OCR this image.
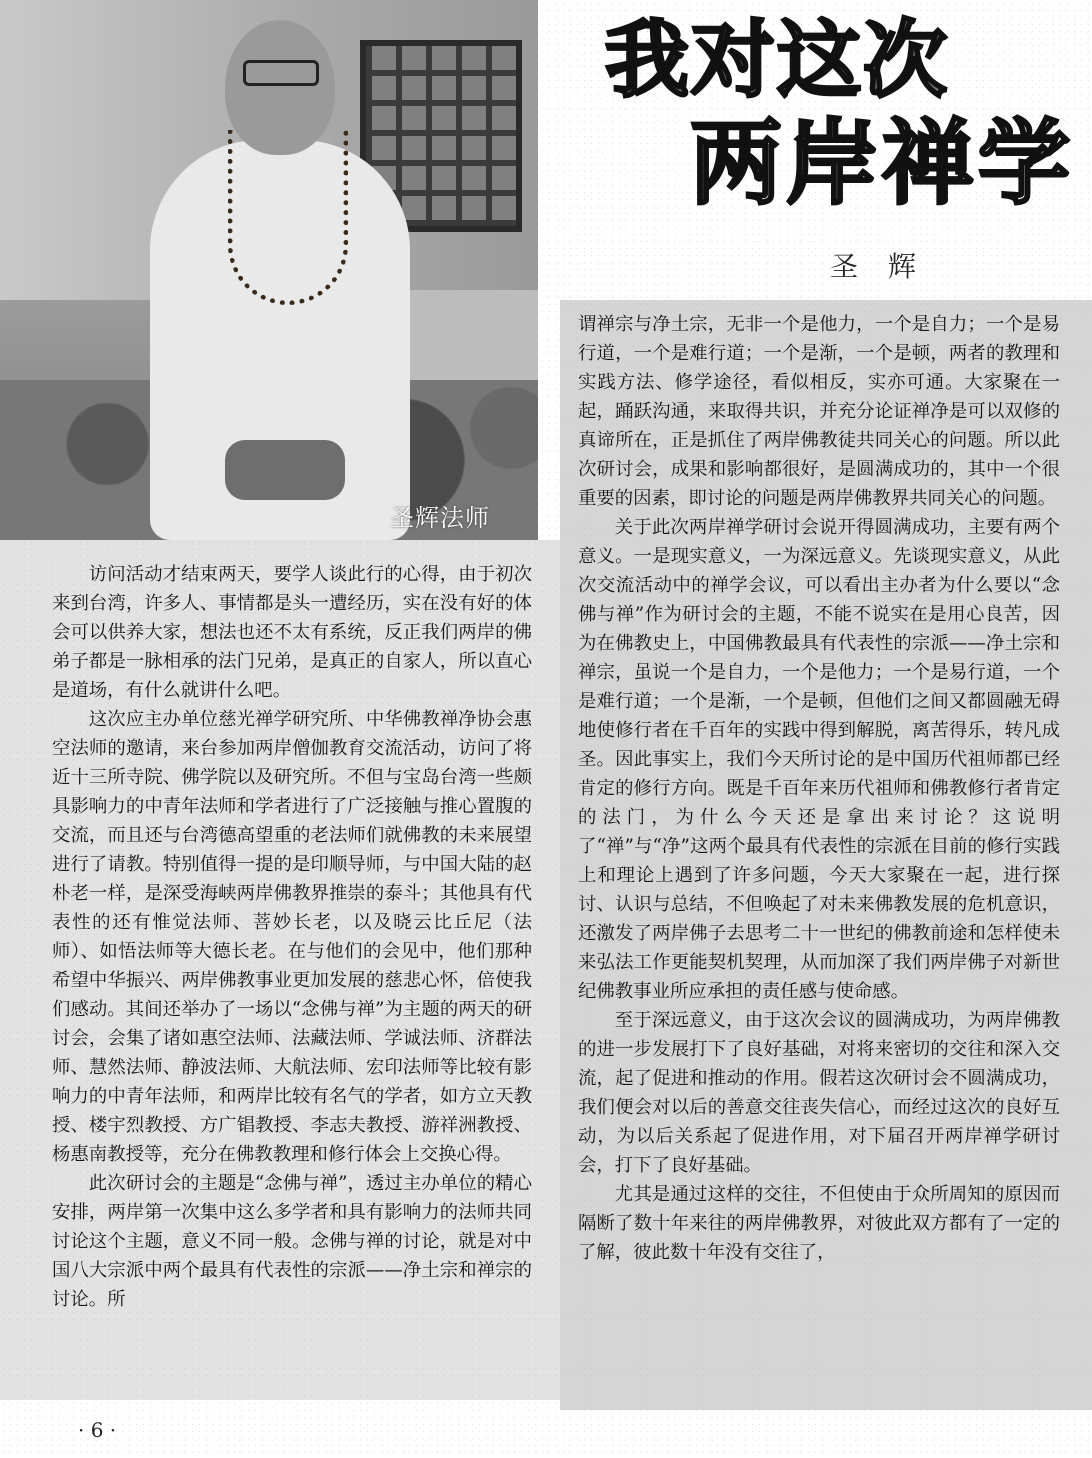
圣辉法师
我对这次
两岸禅学
圣辉

访问活动才结束两天，要学人谈此行的心得，由于初次来到台湾，许多人、事情都是头一遭经历，实在没有好的体会可以供养大家，想法也还不太有系统，反正我们两岸的佛弟子都是一脉相承的法门兄弟，是真正的自家人，所以直心是道场，有什么就讲什么吧。

这次应主办单位慈光禅学研究所、中华佛教禅净协会惠空法师的邀请，来台参加两岸僧伽教育交流活动，访问了将近十三所寺院、佛学院以及研究所。不但与宝岛台湾一些颇具影响力的中青年法师和学者进行了广泛接触与推心置腹的交流，而且还与台湾德高望重的老法师们就佛教的未来展望进行了请教。特别值得一提的是印顺导师，与中国大陆的赵朴老一样，是深受海峡两岸佛教界推崇的泰斗；其他具有代表性的还有惟觉法师、菩妙长老，以及晓云比丘尼（法师）、如悟法师等大德长老。在与他们的会见中，他们那种希望中华振兴、两岸佛教事业更加发展的慈悲心怀，倍使我们感动。其间还举办了一场以“念佛与禅”为主题的两天的研讨会，会集了诸如惠空法师、法藏法师、学诚法师、济群法师、慧然法师、静波法师、大航法师、宏印法师等比较有影响力的中青年法师，和两岸比较有名气的学者，如方立天教授、楼宇烈教授、方广锠教授、李志夫教授、游祥洲教授、杨惠南教授等，充分在佛教教理和修行体会上交换心得。

此次研讨会的主题是“念佛与禅”，透过主办单位的精心安排，两岸第一次集中这么多学者和具有影响力的法师共同讨论这个主题，意义不同一般。念佛与禅的讨论，就是对中国八大宗派中两个最具有代表性的宗派——净土宗和禅宗的讨论。所

谓禅宗与净土宗，无非一个是他力，一个是自力；一个是易行道，一个是难行道；一个是渐，一个是顿，两者的教理和实践方法、修学途径，看似相反，实亦可通。大家聚在一起，踊跃沟通，来取得共识，并充分论证禅净是可以双修的真谛所在，正是抓住了两岸佛教徒共同关心的问题。所以此次研讨会，成果和影响都很好，是圆满成功的，其中一个很重要的因素，即讨论的问题是两岸佛教界共同关心的问题。

关于此次两岸禅学研讨会说开得圆满成功，主要有两个意义。一是现实意义，一为深远意义。先谈现实意义，从此次交流活动中的禅学会议，可以看出主办者为什么要以“念佛与禅”作为研讨会的主题，不能不说实在是用心良苦，因为在佛教史上，中国佛教最具有代表性的宗派——净土宗和禅宗，虽说一个是自力，一个是他力；一个是易行道，一个是难行道；一个是渐，一个是顿，但他们之间又都圆融无碍地使修行者在千百年的实践中得到解脱，离苦得乐，转凡成圣。因此事实上，我们今天所讨论的是中国历代祖师都已经肯定的修行方向。既是千百年来历代祖师和佛教修行者肯定的法门，为什么今天还是拿出来讨论？这说明了“禅”与“净”这两个最具有代表性的宗派在目前的修行实践上和理论上遇到了许多问题，今天大家聚在一起，进行探讨、认识与总结，不但唤起了对未来佛教发展的危机意识，还激发了两岸佛子去思考二十一世纪的佛教前途和怎样使未来弘法工作更能契机契理，从而加深了我们两岸佛子对新世纪佛教事业所应承担的责任感与使命感。

至于深远意义，由于这次会议的圆满成功，为两岸佛教的进一步发展打下了良好基础，对将来密切的交往和深入交流，起了促进和推动的作用。假若这次研讨会不圆满成功，我们便会对以后的善意交往丧失信心，而经过这次的良好互动，为以后关系起了促进作用，对下届召开两岸禅学研讨会，打下了良好基础。

尤其是通过这样的交往，不但使由于众所周知的原因而隔断了数十年来往的两岸佛教界，对彼此双方都有了一定的了解，彼此数十年没有交往了，

· 6 ·
